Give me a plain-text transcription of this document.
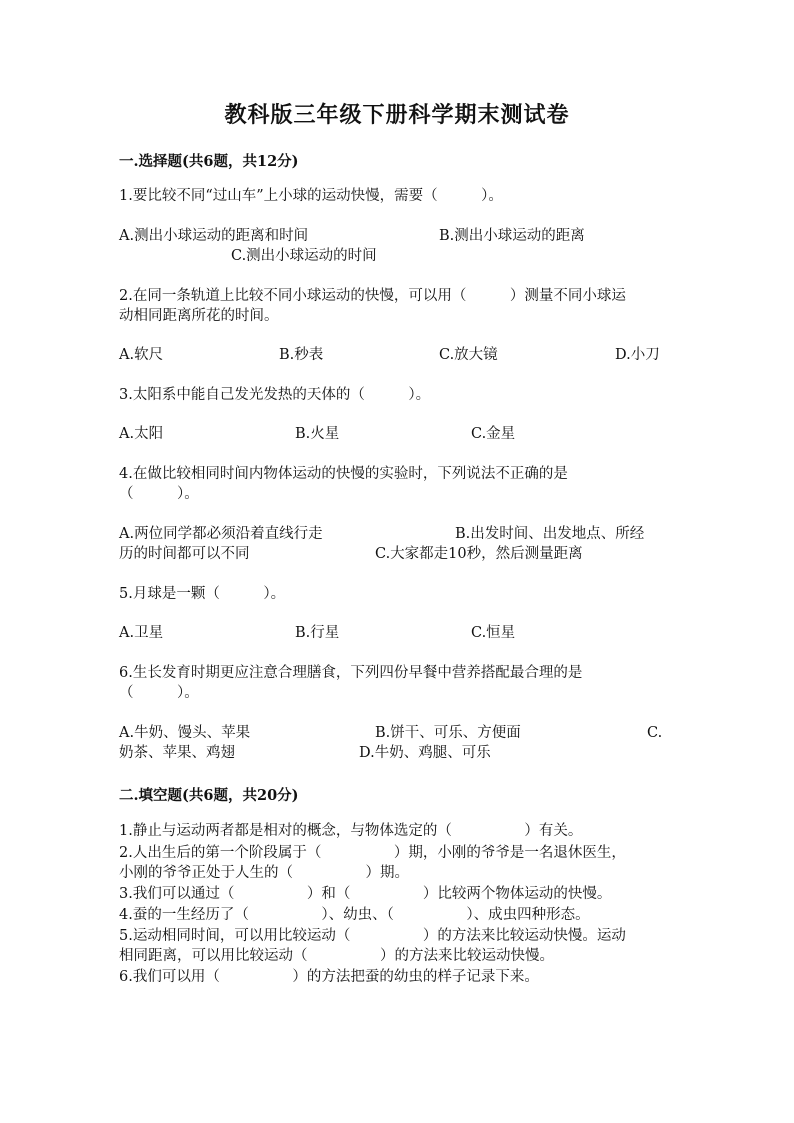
教科版三年级下册科学期末测试卷
一.选择题(共6题，共12分)
1.要比较不同“过山车”上小球的运动快慢，需要（　　　）。
A.测出小球运动的距离和时间	B.测出小球运动的距离
C.测出小球运动的时间
2.在同一条轨道上比较不同小球运动的快慢，可以用（　　　）测量不同小球运
动相同距离所花的时间。
A.软尺	B.秒表	C.放大镜	D.小刀
3.太阳系中能自己发光发热的天体的（　　　）。
A.太阳	B.火星	C.金星
4.在做比较相同时间内物体运动的快慢的实验时，下列说法不正确的是
（　　　）。
A.两位同学都必须沿着直线行走	B.出发时间、出发地点、所经
历的时间都可以不同	C.大家都走10秒，然后测量距离
5.月球是一颗（　　　）。
A.卫星	B.行星	C.恒星
6.生长发育时期更应注意合理膳食，下列四份早餐中营养搭配最合理的是
（　　　）。
A.牛奶、馒头、苹果	B.饼干、可乐、方便面	C.
奶茶、苹果、鸡翅	D.牛奶、鸡腿、可乐
二.填空题(共6题，共20分)
1.静止与运动两者都是相对的概念，与物体选定的（　　　　　）有关。
2.人出生后的第一个阶段属于（　　　　　）期，小刚的爷爷是一名退休医生，
小刚的爷爷正处于人生的（　　　　　）期。
3.我们可以通过（　　　　　）和（　　　　　）比较两个物体运动的快慢。
4.蚕的一生经历了（　　　　　）、幼虫、（　　　　　）、成虫四种形态。
5.运动相同时间，可以用比较运动（　　　　　）的方法来比较运动快慢。运动
相同距离，可以用比较运动（　　　　　）的方法来比较运动快慢。
6.我们可以用（　　　　　）的方法把蚕的幼虫的样子记录下来。
